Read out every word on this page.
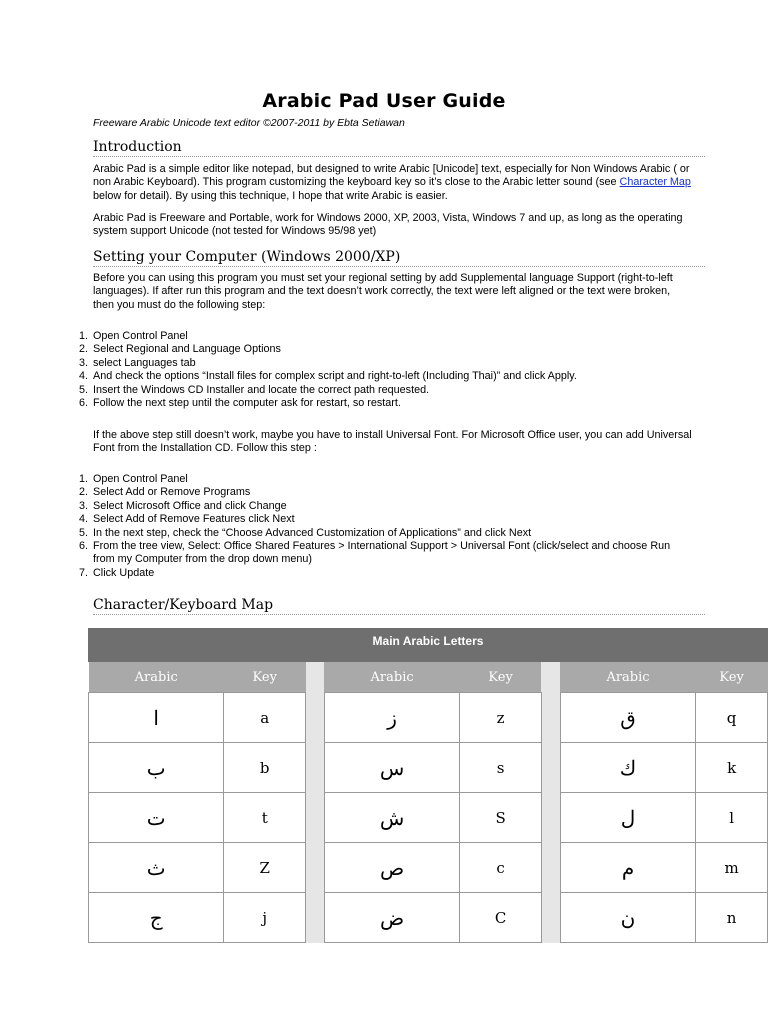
Arabic Pad User Guide
Freeware Arabic Unicode text editor ©2007-2011 by Ebta Setiawan
Introduction
Arabic Pad is a simple editor like notepad, but designed to write Arabic [Unicode] text, especially for Non Windows Arabic ( or non Arabic Keyboard). This program customizing the keyboard key so it’s close to the Arabic letter sound (see Character Map below for detail). By using this technique, I hope that write Arabic is easier.
Arabic Pad is Freeware and Portable, work for Windows 2000, XP, 2003, Vista, Windows 7 and up, as long as the operating system support Unicode (not tested for Windows 95/98 yet)
Setting your Computer (Windows 2000/XP)
Before you can using this program you must set your regional setting by add Supplemental language Support (right-to-left languages). If after run this program and the text doesn’t work correctly, the text were left aligned or the text were broken, then you must do the following step:
1. Open Control Panel
2. Select Regional and Language Options
3. select Languages tab
4. And check the options “Install files for complex script and right-to-left (Including Thai)” and click Apply.
5. Insert the Windows CD Installer and locate the correct path requested.
6. Follow the next step until the computer ask for restart, so restart.
If the above step still doesn’t work, maybe you have to install Universal Font. For Microsoft Office user, you can add Universal Font from the Installation CD. Follow this step :
1. Open Control Panel
2. Select Add or Remove Programs
3. Select Microsoft Office and click Change
4. Select Add of Remove Features click Next
5. In the next step, check the “Choose Advanced Customization of Applications” and click Next
6. From the tree view, Select: Office Shared Features > International Support > Universal Font (click/select and choose Run from my Computer from the drop down menu)
7. Click Update
Character/Keyboard Map
Main Arabic Letters
Arabic	Key		Arabic	Key		Arabic	Key
ا	a		ز	z		ق	q
ب	b		س	s		ك	k
ت	t		ش	S		ل	l
ث	Z		ص	c		م	m
ج	j		ض	C		ن	n
